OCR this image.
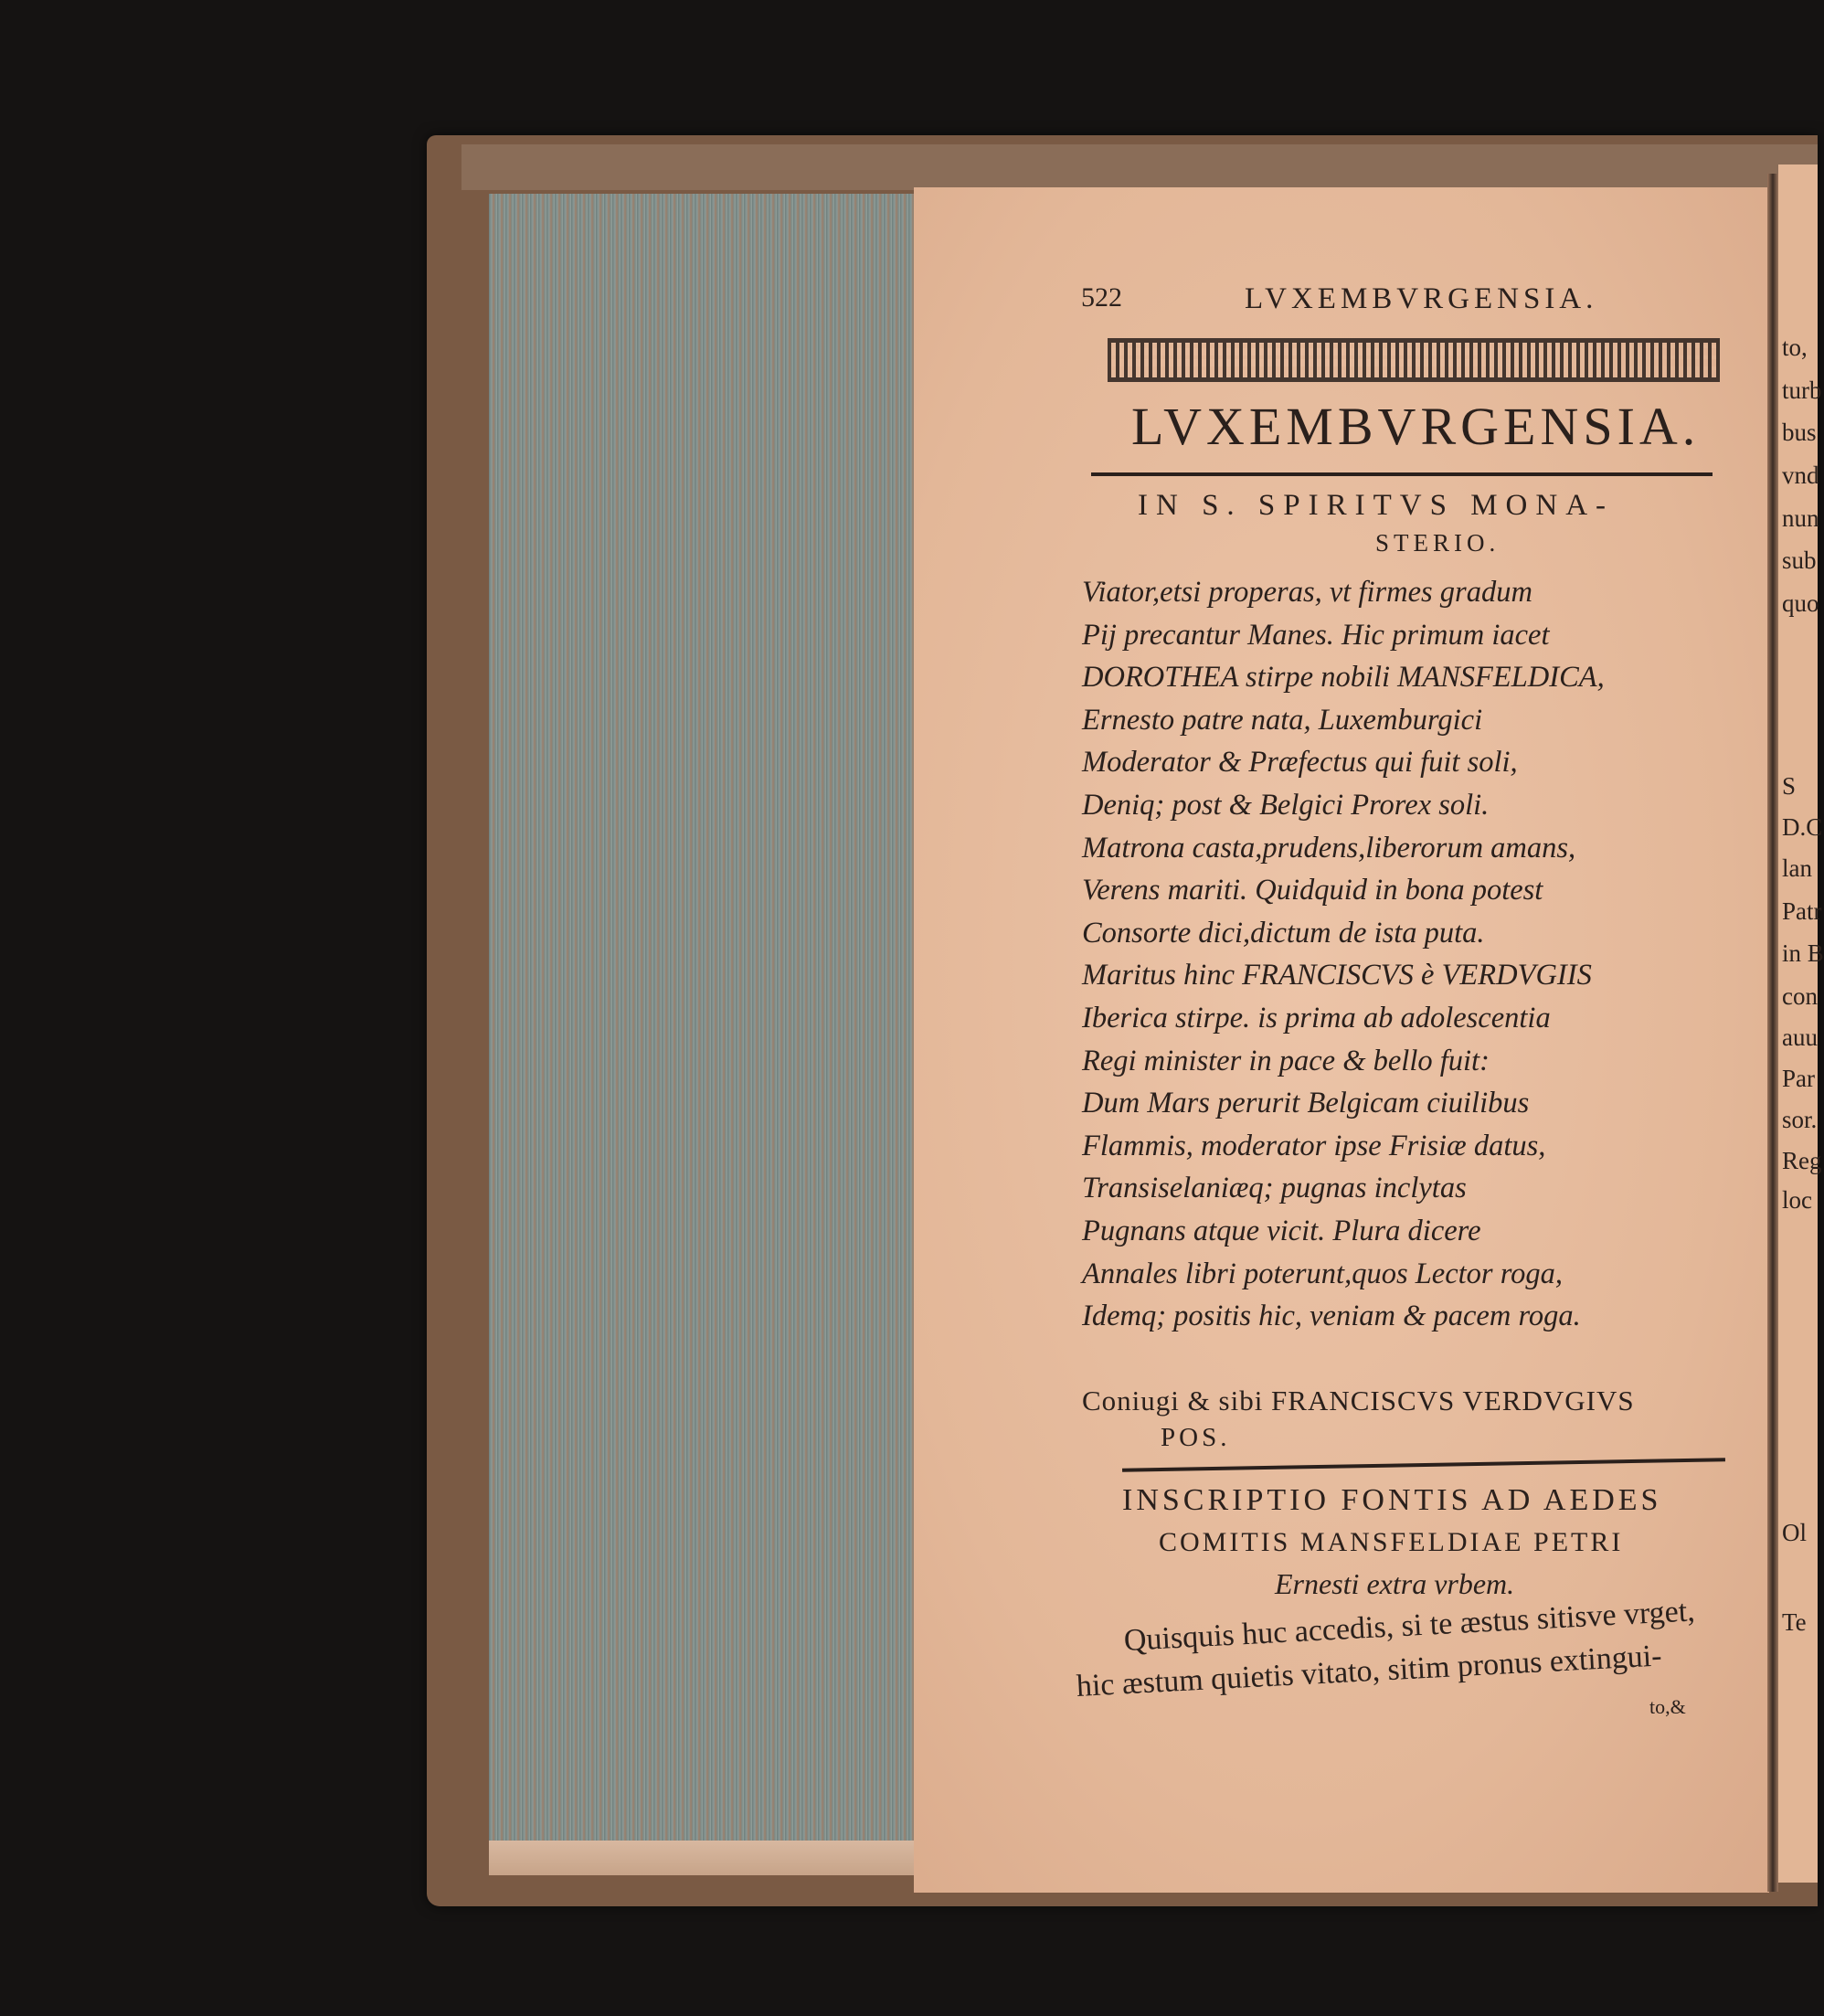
522	LVXEMBVRGENSIA.
LVXEMBVRGENSIA.
IN S. SPIRITVS MONA-
STERIO.
Viator,etsi properas, vt firmes gradum
Pij precantur Manes. Hic primum iacet
DOROTHEA stirpe nobili MANSFELDICA,
Ernesto patre nata, Luxemburgici
Moderator & Præfectus qui fuit soli,
Deniq; post & Belgici Prorex soli.
Matrona casta,prudens,liberorum amans,
Verens mariti. Quidquid in bona potest
Consorte dici,dictum de ista puta.
Maritus hinc FRANCISCVS è VERDVGIIS
Iberica stirpe. is prima ab adolescentia
Regi minister in pace & bello fuit:
Dum Mars perurit Belgicam ciuilibus
Flammis, moderator ipse Frisiæ datus,
Transiselaniæq; pugnas inclytas
Pugnans atque vicit. Plura dicere
Annales libri poterunt,quos Lector roga,
Idemq; positis hic, veniam & pacem roga.
Coniugi & sibi FRANCISCVS VERDVGIVS
POS.
INSCRIPTIO FONTIS AD AEDES
COMITIS MANSFELDIAE PETRI
Ernesti extra vrbem.
Quisquis huc accedis, si te æstus sitisve vrget,
hic æstum quietis vitato, sitim pronus extingui-
to,&
to,
turb
bus
vnd
nun
sub
quo
S
D.C
lan
Patr
in B
con
auu
Par
sor.
Reg
loc
Ol
Te
